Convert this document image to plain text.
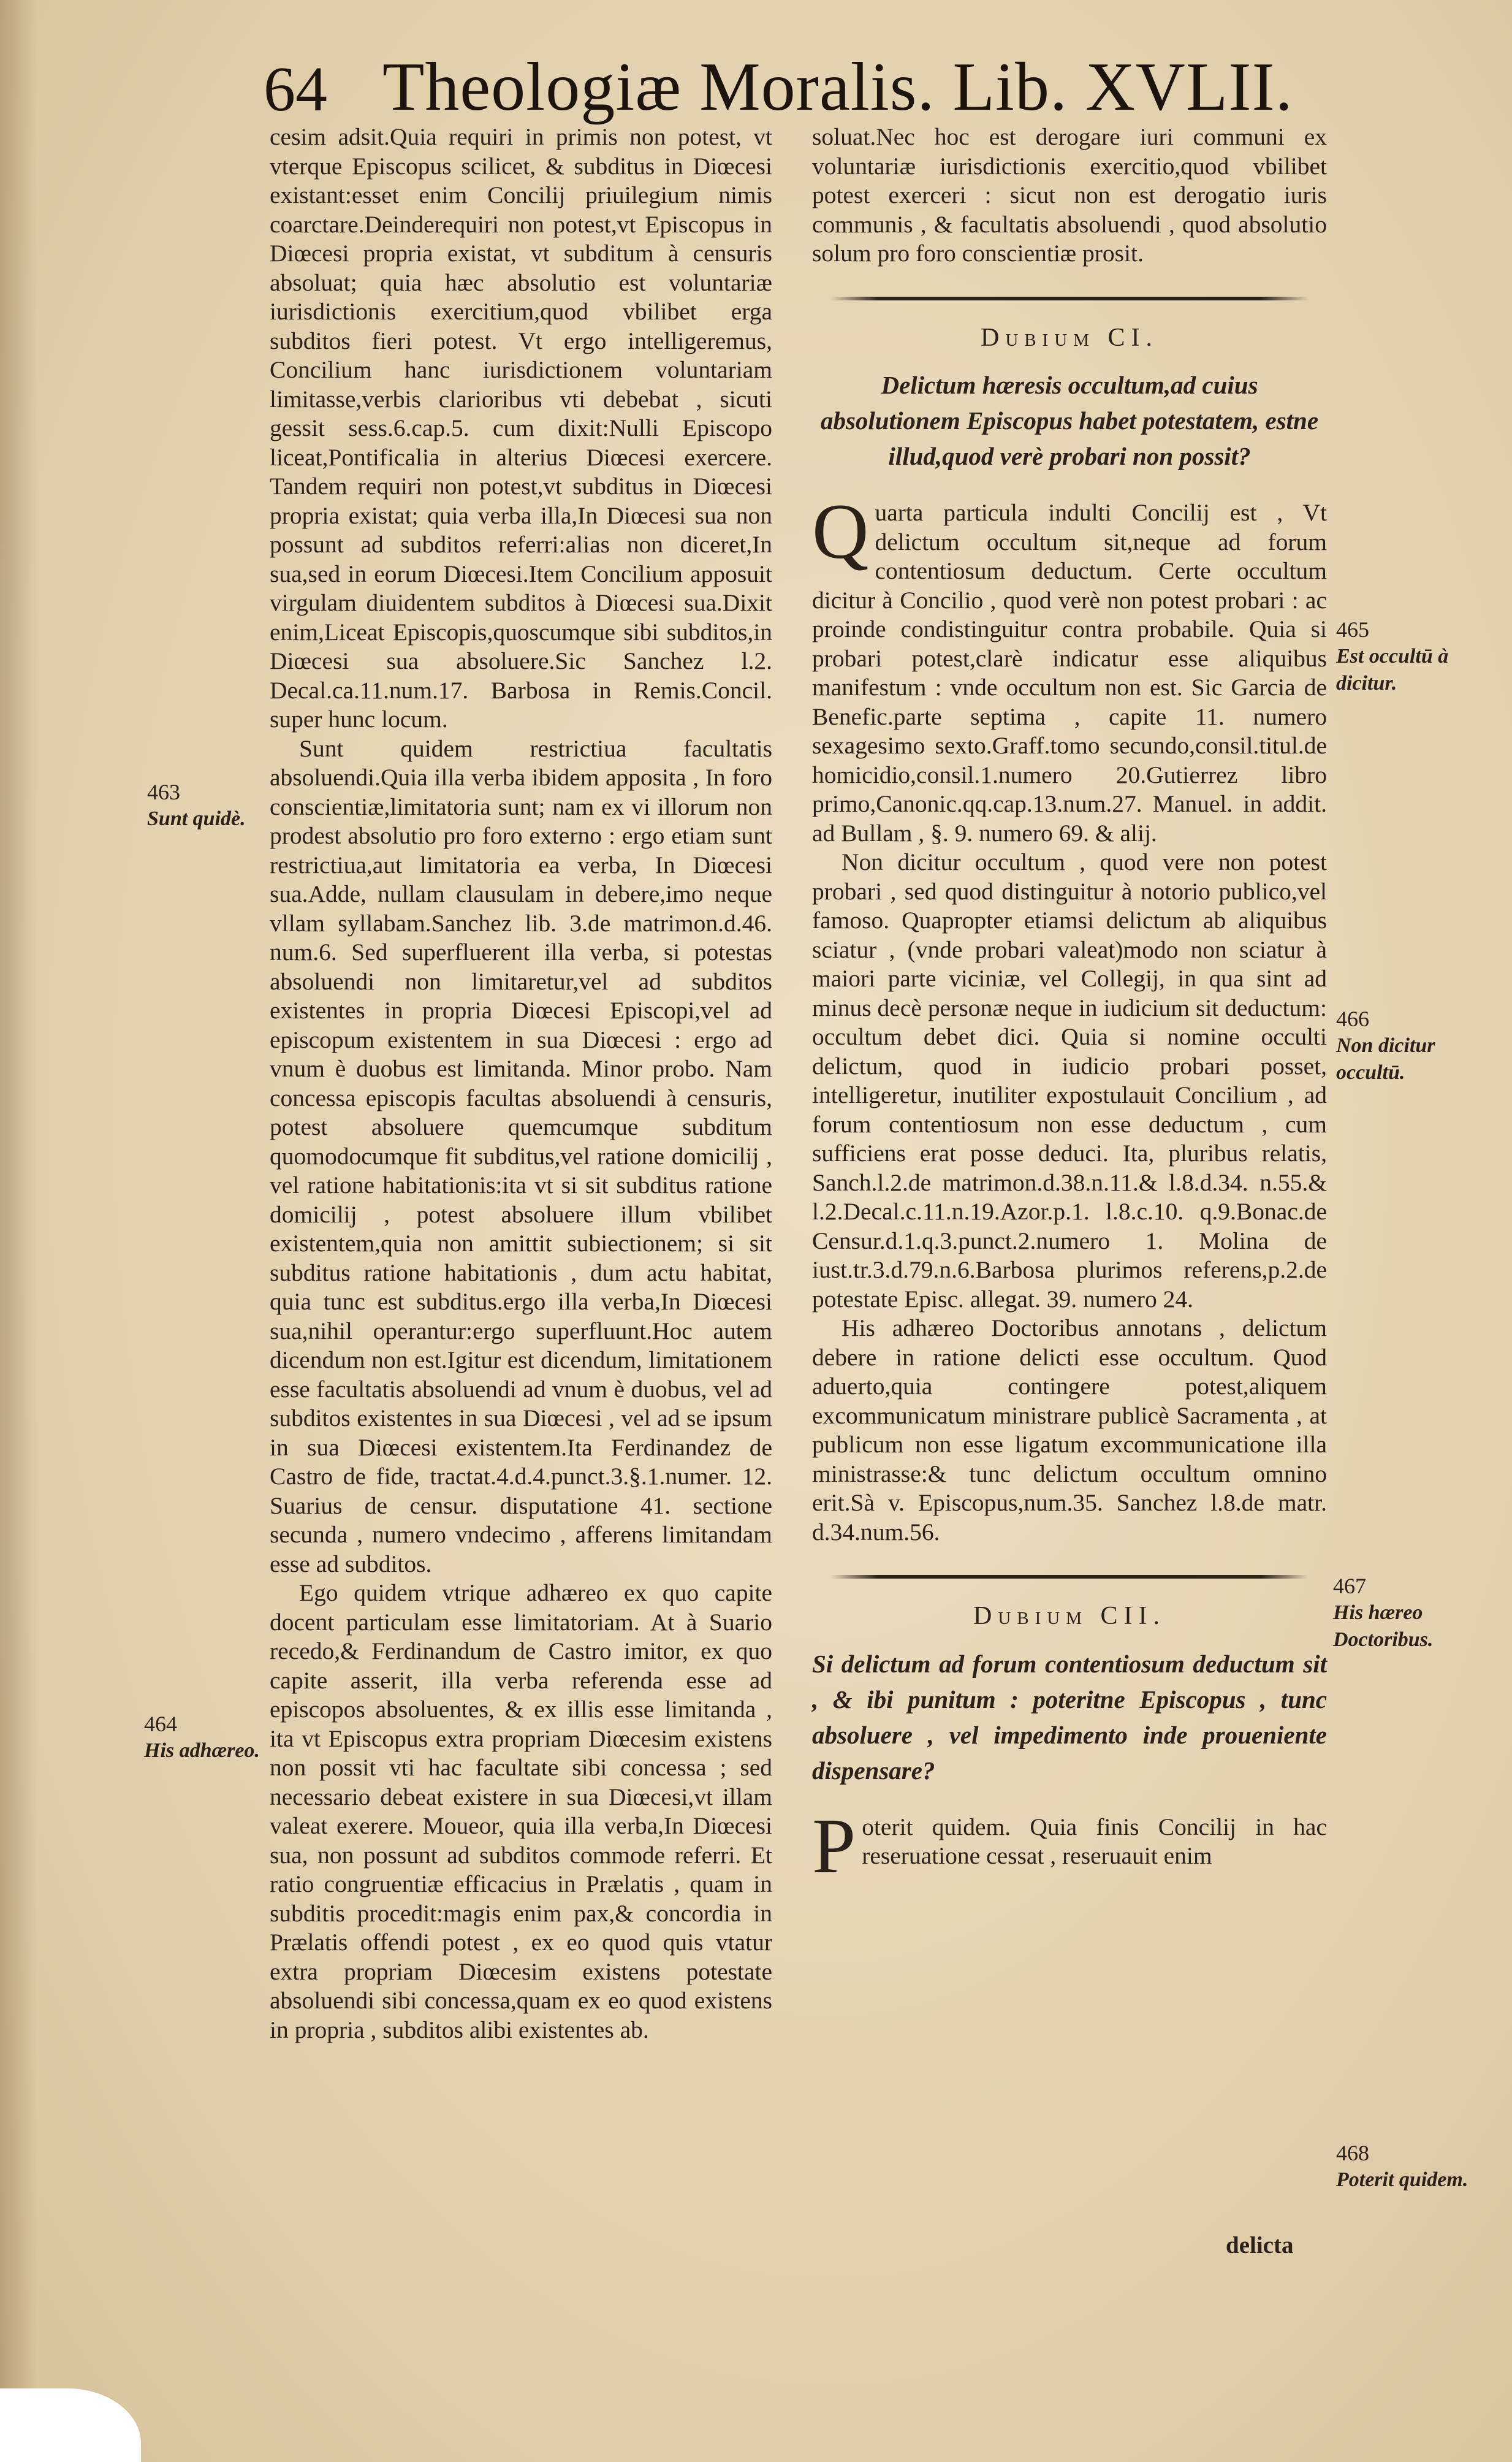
64 Theologiæ Moralis. Lib. XVLII.

cesim adsit.Quia requiri in primis non potest, vt vterque Episcopus scilicet, & subditus in Diœcesi existant:esset enim Concilij priuilegium nimis coarctare.Deinderequiri non potest,vt Episcopus in Diœcesi propria existat, vt subditum à censuris absoluat; quia hæc absolutio est voluntariæ iurisdictionis exercitium,quod vbilibet erga subditos fieri potest. Vt ergo intelligeremus, Concilium hanc iurisdictionem voluntariam limitasse,verbis clarioribus vti debebat , sicuti gessit sess.6.cap.5. cum dixit:Nulli Episcopo liceat,Pontificalia in alterius Diœcesi exercere. Tandem requiri non potest,vt subditus in Diœcesi propria existat; quia verba illa,In Diœcesi sua non possunt ad subditos referri:alias non diceret,In sua,sed in eorum Diœcesi.Item Concilium apposuit virgulam diuidentem subditos à Diœcesi sua.Dixit enim,Liceat Episcopis,quoscumque sibi subditos,in Diœcesi sua absoluere.Sic Sanchez l.2. Decal.ca.11.num.17. Barbosa in Remis.Concil. super hunc locum.

Sunt quidem restrictiua facultatis absoluendi.Quia illa verba ibidem apposita , In foro conscientiæ,limitatoria sunt; nam ex vi illorum non prodest absolutio pro foro externo : ergo etiam sunt restrictiua,aut limitatoria ea verba, In Diœcesi sua.Adde, nullam clausulam in debere,imo neque vllam syllabam.Sanchez lib. 3.de matrimon.d.46. num.6. Sed superfluerent illa verba, si potestas absoluendi non limitaretur,vel ad subditos existentes in propria Diœcesi Episcopi,vel ad episcopum existentem in sua Diœcesi : ergo ad vnum è duobus est limitanda. Minor probo. Nam concessa episcopis facultas absoluendi à censuris, potest absoluere quemcumque subditum quomodocumque fit subditus,vel ratione domicilij , vel ratione habitationis:ita vt si sit subditus ratione domicilij , potest absoluere illum vbilibet existentem,quia non amittit subiectionem; si sit subditus ratione habitationis , dum actu habitat, quia tunc est subditus.ergo illa verba,In Diœcesi sua,nihil operantur:ergo superfluunt.Hoc autem dicendum non est.Igitur est dicendum, limitationem esse facultatis absoluendi ad vnum è duobus, vel ad subditos existentes in sua Diœcesi , vel ad se ipsum in sua Diœcesi existentem.Ita Ferdinandez de Castro de fide, tractat.4.d.4.punct.3.§.1.numer. 12. Suarius de censur. disputatione 41. sectione secunda , numero vndecimo , afferens limitandam esse ad subditos.

Ego quidem vtrique adhæreo ex quo capite docent particulam esse limitatoriam. At à Suario recedo,& Ferdinandum de Castro imitor, ex quo capite asserit, illa verba referenda esse ad episcopos absoluentes, & ex illis esse limitanda , ita vt Episcopus extra propriam Diœcesim existens non possit vti hac facultate sibi concessa ; sed necessario debeat existere in sua Diœcesi,vt illam valeat exerere. Moueor, quia illa verba,In Diœcesi sua, non possunt ad subditos commode referri. Et ratio congruentiæ efficacius in Prælatis , quam in subditis procedit:magis enim pax,& concordia in Prælatis offendi potest , ex eo quod quis vtatur extra propriam Diœcesim existens potestate absoluendi sibi concessa,quam ex eo quod existens in propria , subditos alibi existentes ab.

soluat.Nec hoc est derogare iuri communi ex voluntariæ iurisdictionis exercitio,quod vbilibet potest exerceri : sicut non est derogatio iuris communis , & facultatis absoluendi , quod absolutio solum pro foro conscientiæ prosit.

Dubium CI.

Delictum hæresis occultum,ad cuius absolutionem Episcopus habet potestatem, estne illud,quod verè probari non possit?

Quarta particula indulti Concilij est , Vt delictum occultum sit,neque ad forum contentiosum deductum. Certe occultum dicitur à Concilio , quod verè non potest probari : ac proinde condistinguitur contra probabile. Quia si probari potest,clarè indicatur esse aliquibus manifestum : vnde occultum non est. Sic Garcia de Benefic.parte septima , capite 11. numero sexagesimo sexto.Graff.tomo secundo,consil.titul.de homicidio,consil.1.numero 20.Gutierrez libro primo,Canonic.qq.cap.13.num.27. Manuel. in addit. ad Bullam , §. 9. numero 69. & alij.

Non dicitur occultum , quod vere non potest probari , sed quod distinguitur à notorio publico,vel famoso. Quapropter etiamsi delictum ab aliquibus sciatur , (vnde probari valeat)modo non sciatur à maiori parte viciniæ, vel Collegij, in qua sint ad minus decè personæ neque in iudicium sit deductum: occultum debet dici. Quia si nomine occulti delictum, quod in iudicio probari posset, intelligeretur, inutiliter expostulauit Concilium , ad forum contentiosum non esse deductum , cum sufficiens erat posse deduci. Ita, pluribus relatis, Sanch.l.2.de matrimon.d.38.n.11.& l.8.d.34. n.55.& l.2.Decal.c.11.n.19.Azor.p.1. l.8.c.10. q.9.Bonac.de Censur.d.1.q.3.punct.2.numero 1. Molina de iust.tr.3.d.79.n.6.Barbosa plurimos referens,p.2.de potestate Episc. allegat. 39. numero 24.

His adhæreo Doctoribus annotans , delictum debere in ratione delicti esse occultum. Quod aduerto,quia contingere potest,aliquem excommunicatum ministrare publicè Sacramenta , at publicum non esse ligatum excommunicatione illa ministrasse:& tunc delictum occultum omnino erit.Sà v. Episcopus,num.35. Sanchez l.8.de matr. d.34.num.56.

Dubium CII.

Si delictum ad forum contentiosum deductum sit , & ibi punitum : poteritne Episcopus , tunc absoluere , vel impedimento inde proueniente dispensare?

Poterit quidem. Quia finis Concilij in hac reseruatione cessat , reseruauit enim

delicta
463
Sunt quidè.
464
His adhæreo.
465
Est occultū à dicitur.
466
Non dicitur occultū.
467
His hæreo Doctoribus.
468
Poterit quidem.
